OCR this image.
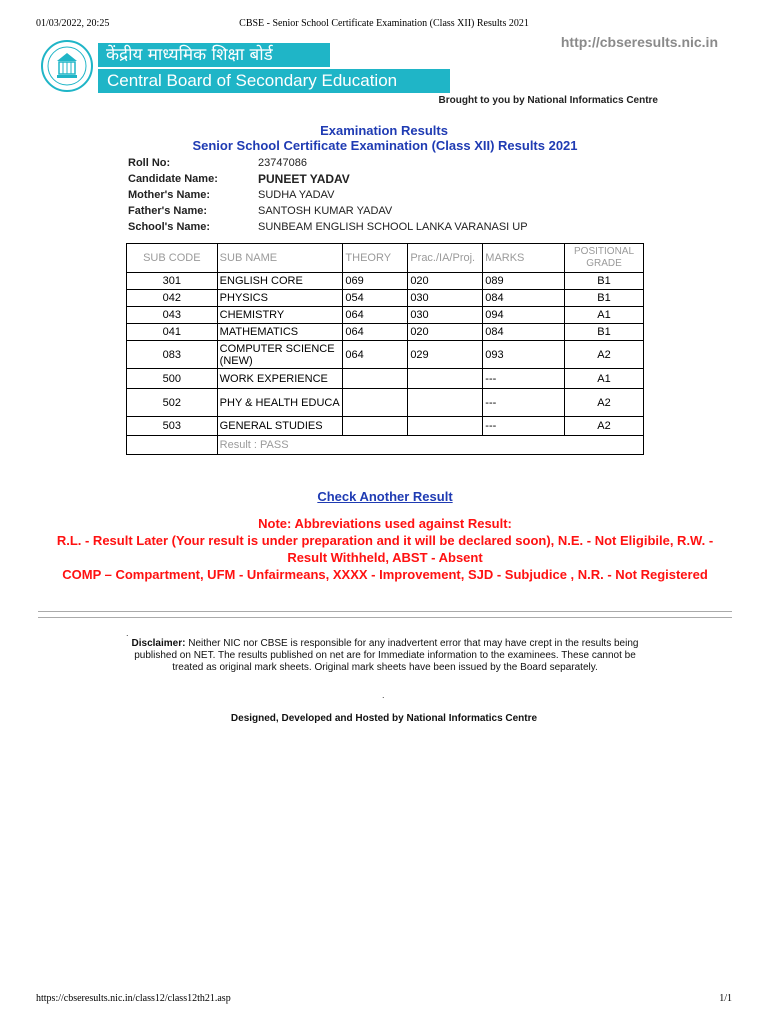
01/03/2022, 20:25	CBSE - Senior School Certificate Examination (Class XII) Results 2021
http://cbseresults.nic.in
केंद्रीय माध्यमिक शिक्षा बोर्ड
Central Board of Secondary Education
Brought to you by National Informatics Centre
Examination Results
Senior School Certificate Examination (Class XII) Results 2021
Roll No:	23747086
Candidate Name:	PUNEET YADAV
Mother's Name:	SUDHA YADAV
Father's Name:	SANTOSH KUMAR YADAV
School's Name:	SUNBEAM ENGLISH SCHOOL LANKA VARANASI UP
SUB CODE	SUB NAME	THEORY	Prac./IA/Proj.	MARKS	POSITIONAL GRADE
301	ENGLISH CORE	069	020	089	B1
042	PHYSICS	054	030	084	B1
043	CHEMISTRY	064	030	094	A1
041	MATHEMATICS	064	020	084	B1
083	COMPUTER SCIENCE (NEW)	064	029	093	A2
500	WORK EXPERIENCE			---	A1
502	PHY & HEALTH EDUCA			---	A2
503	GENERAL STUDIES			---	A2
	Result : PASS				
Check Another Result
Note: Abbreviations used against Result:
R.L. - Result Later (Your result is under preparation and it will be declared soon), N.E. - Not Eligibile, R.W. - Result Withheld, ABST - Absent
COMP – Compartment, UFM - Unfairmeans, XXXX - Improvement, SJD - Subjudice , N.R. - Not Registered
.
Disclaimer: Neither NIC nor CBSE is responsible for any inadvertent error that may have crept in the results being published on NET. The results published on net are for Immediate information to the examinees. These cannot be treated as original mark sheets. Original mark sheets have been issued by the Board separately.
.
Designed, Developed and Hosted by National Informatics Centre
https://cbseresults.nic.in/class12/class12th21.asp	1/1
